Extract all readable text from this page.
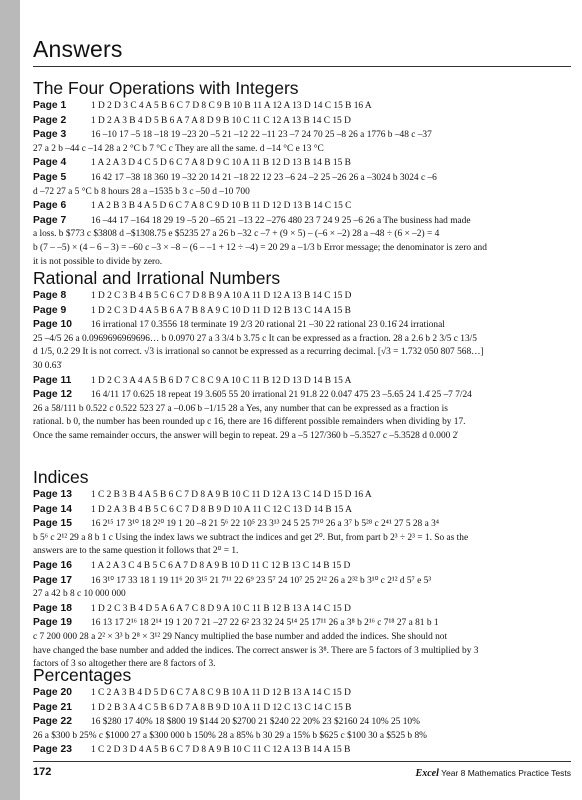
Answers
The Four Operations with Integers
Page 1	1 D 2 D 3 C 4 A 5 B 6 C 7 D 8 C 9 B 10 B 11 A 12 A 13 D 14 C 15 B 16 A
Page 2	1 D 2 A 3 B 4 D 5 B 6 A 7 A 8 D 9 B 10 C 11 C 12 A 13 B 14 C 15 D
Page 3	16 –10 17 –5 18 –18 19 –23 20 –5 21 –12 22 –11 23 –7 24 70 25 –8 26 a 1776 b –48 c –37
27 a 2 b –44 c –14 28 a 2 °C b 7 °C c They are all the same. d –14 °C e 13 °C
Page 4	1 A 2 A 3 D 4 C 5 D 6 C 7 A 8 D 9 C 10 A 11 B 12 D 13 B 14 B 15 B
Page 5	16 42 17 –38 18 360 19 –32 20 14 21 –18 22 12 23 –6 24 –2 25 –26 26 a –3024 b 3024 c –6
d –72 27 a 5 °C b 8 hours 28 a –1535 b 3 c –50 d –10 700
Page 6	1 A 2 B 3 B 4 A 5 D 6 C 7 A 8 C 9 D 10 B 11 D 12 D 13 B 14 C 15 C
Page 7	16 –44 17 –164 18 29 19 –5 20 –65 21 –13 22 –276 480 23 7 24 9 25 –6 26 a The business had made
a loss. b $773 c $3808 d –$1308.75 e $5235 27 a 26 b –32 c –7 + (9 × 5) – (–6 × –2) 28 a –48 ÷ (6 × –2) = 4
b (7 – –5) × (4 – 6 – 3) = –60 c –3 × –8 – (6 – –1 + 12 ÷ –4) = 20 29 a –1/3 b Error message; the denominator is zero and
it is not possible to divide by zero.
Rational and Irrational Numbers
Page 8	1 D 2 C 3 B 4 B 5 C 6 C 7 D 8 B 9 A 10 A 11 D 12 A 13 B 14 C 15 D
Page 9	1 D 2 C 3 D 4 A 5 B 6 A 7 B 8 A 9 C 10 D 11 D 12 B 13 C 14 A 15 B
Page 10 16 irrational 17 0.3556 18 terminate 19 2/3 20 rational 21 –30 22 rational 23 0.16̇ 24 irrational
25 –4/5 26 a 0.0969696969696… b 0.0970 27 a 3 3/4 b 3.75 c It can be expressed as a fraction. 28 a 2.6 b 2 3/5 c 13/5
d 1/5, 0.2 29 It is not correct. √3 is irrational so cannot be expressed as a recurring decimal. [√3 = 1.732 050 807 568…]
30 0.63̇
Page 11 1 D 2 C 3 A 4 A 5 B 6 D 7 C 8 C 9 A 10 C 11 B 12 D 13 D 14 B 15 A
Page 12 16 4/11 17 0.625 18 repeat 19 3.605 55 20 irrational 21 91.8 22 0.047 475 23 –5.65 24 1.4̇ 25 –7 7/24
26 a 58/111 b 0.522 c 0.522 523 27 a –0.06̇ b –1/15 28 a Yes, any number that can be expressed as a fraction is
rational. b 0, the number has been rounded up c 16, there are 16 different possible remainders when dividing by 17.
Once the same remainder occurs, the answer will begin to repeat. 29 a –5 127/360 b –5.3527 c –5.3528 d 0.000 2̇
Indices
Page 13 1 C 2 B 3 B 4 A 5 B 6 C 7 D 8 A 9 B 10 C 11 D 12 A 13 C 14 D 15 D 16 A
Page 14 1 D 2 A 3 B 4 B 5 C 6 C 7 D 8 B 9 D 10 A 11 C 12 C 13 D 14 B 15 A
Page 15 16 2¹⁵ 17 3¹⁰ 18 2²⁰ 19 1 20 –8 21 5⁶ 22 10⁵ 23 3¹³ 24 5 25 7¹⁰ 26 a 3⁷ b 5²⁸ c 2⁴¹ 27 5 28 a 3⁴
b 5⁶ c 2¹² 29 a 8 b 1 c Using the index laws we subtract the indices and get 2⁰. But, from part b 2³ ÷ 2³ = 1. So as the
answers are to the same question it follows that 2⁰ = 1.
Page 16 1 A 2 A 3 C 4 B 5 C 6 A 7 D 8 A 9 B 10 D 11 C 12 B 13 C 14 B 15 D
Page 17 16 3¹⁰ 17 33 18 1 19 11⁶ 20 3¹⁵ 21 7¹¹ 22 6⁹ 23 5⁷ 24 10⁷ 25 2¹² 26 a 2³² b 3¹⁰ c 2¹² d 5⁷ e 5³
27 a 42 b 8 c 10 000 000
Page 18 1 D 2 C 3 B 4 D 5 A 6 A 7 C 8 D 9 A 10 C 11 B 12 B 13 A 14 C 15 D
Page 19 16 13 17 2¹⁶ 18 2¹⁴ 19 1 20 7 21 –27 22 6² 23 32 24 5¹⁴ 25 17¹¹ 26 a 3⁸ b 2¹⁶ c 7¹⁸ 27 a 81 b 1
c 7 200 000 28 a 2² × 3³ b 2⁸ × 3¹² 29 Nancy multiplied the base number and added the indices. She should not
have changed the base number and added the indices. The correct answer is 3⁸. There are 5 factors of 3 multiplied by 3
factors of 3 so altogether there are 8 factors of 3.
Percentages
Page 20 1 C 2 A 3 B 4 D 5 D 6 C 7 A 8 C 9 B 10 A 11 D 12 B 13 A 14 C 15 D
Page 21 1 D 2 B 3 A 4 C 5 B 6 D 7 A 8 B 9 D 10 A 11 D 12 C 13 C 14 C 15 B
Page 22 16 $280 17 40% 18 $800 19 $144 20 $2700 21 $240 22 20% 23 $2160 24 10% 25 10%
26 a $300 b 25% c $1000 27 a $300 000 b 150% 28 a 85% b 30 29 a 15% b $625 c $100 30 a $525 b 8%
Page 23 1 C 2 D 3 D 4 A 5 B 6 C 7 D 8 A 9 B 10 C 11 C 12 A 13 B 14 A 15 B
172	Excel Year 8 Mathematics Practice Tests
